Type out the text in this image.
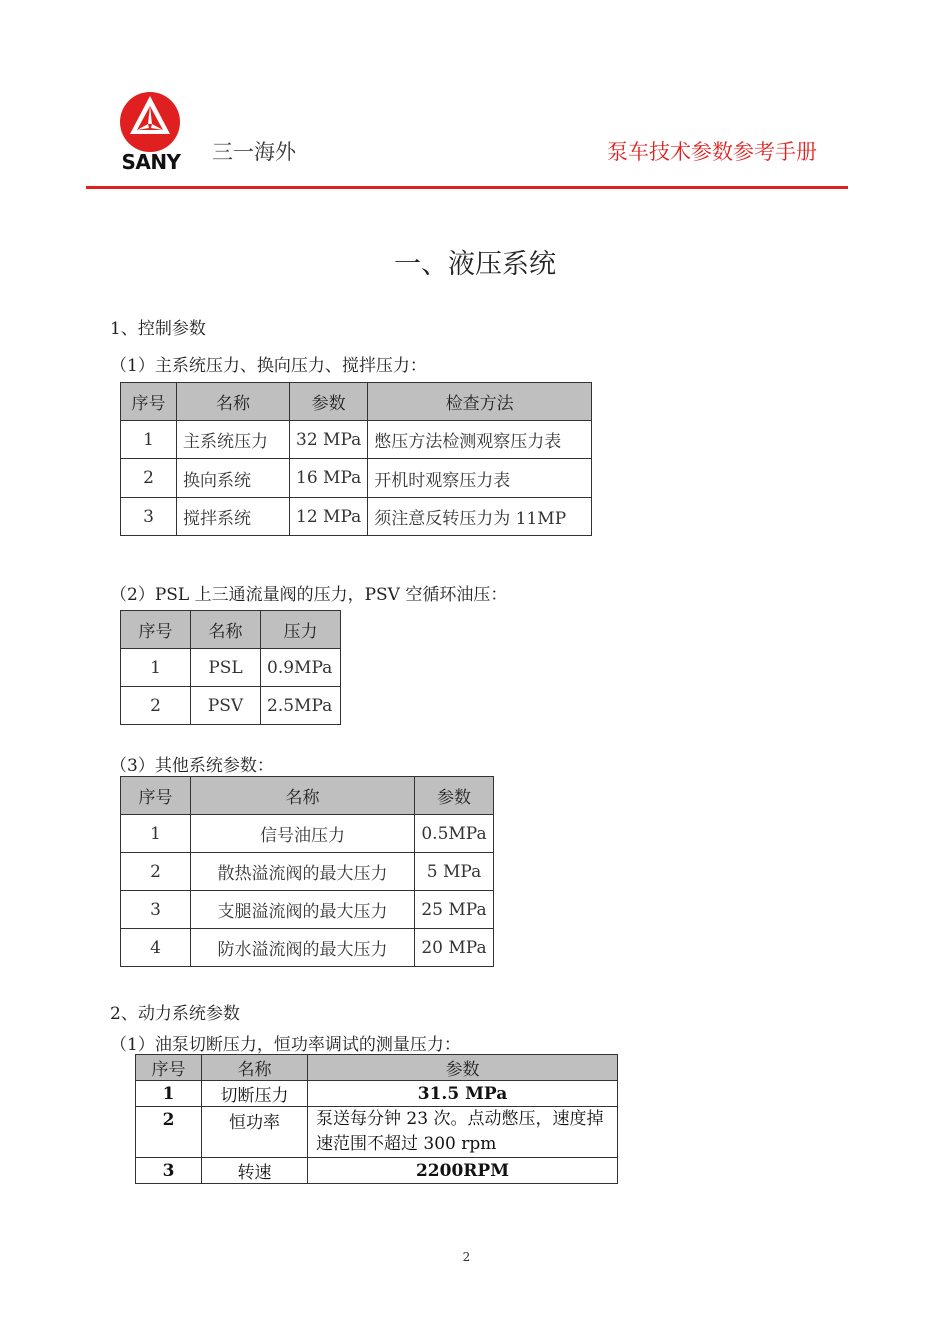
SANY	三一海外	泵车技术参数参考手册
一、液压系统
1、控制参数
（1）主系统压力、换向压力、搅拌压力：
序号	名称	参数	检查方法
1	主系统压力	32 MPa	憋压方法检测观察压力表
2	换向系统	16 MPa	开机时观察压力表
3	搅拌系统	12 MPa	须注意反转压力为 11MP
（2）PSL 上三通流量阀的压力，PSV 空循环油压：
序号	名称	压力
1	PSL	0.9MPa
2	PSV	2.5MPa
（3）其他系统参数：
序号	名称	参数
1	信号油压力	0.5MPa
2	散热溢流阀的最大压力	5 MPa
3	支腿溢流阀的最大压力	25 MPa
4	防水溢流阀的最大压力	20 MPa
2、动力系统参数
（1）油泵切断压力，恒功率调试的测量压力：
序号	名称	参数
1	切断压力	31.5 MPa
2	恒功率	泵送每分钟 23 次。点动憋压，速度掉速范围不超过 300 rpm
3	转速	2200RPM
2
